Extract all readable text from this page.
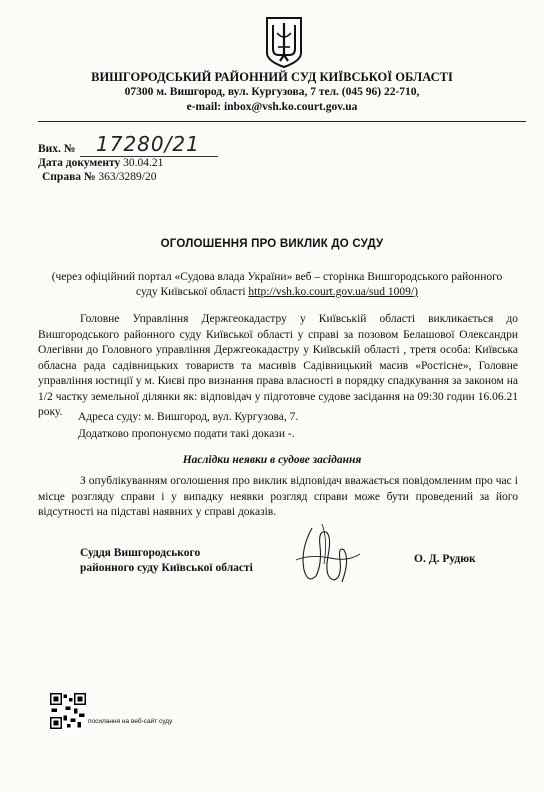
ВИШГОРОДСЬКИЙ РАЙОННИЙ СУД КИЇВСЬКОЇ ОБЛАСТІ
07300 м. Вишгород, вул. Кургузова, 7 тел. (045 96) 22-710,
e-mail: inbox@vsh.ko.court.gov.ua
Вих. № 17280/21
Дата документу 30.04.21
Справа № 363/3289/20
ОГОЛОШЕННЯ ПРО ВИКЛИК ДО СУДУ
(через офіційний портал «Судова влада України» веб – сторінка Вишгородського районного суду Київської області http://vsh.ko.court.gov.ua/sud 1009/)
Головне Управління Держгеокадастру у Київській області викликається до Вишгородського районного суду Київської області у справі за позовом Белашової Олександри Олегівни до Головного управління Держгеокадастру у Київській області , третя особа: Київська обласна рада садівницьких товариств та масивів Садівницький масив «Ростісне», Головне управління юстиції у м. Києві про визнання права власності в порядку спадкування за законом на 1/2 частку земельної ділянки як: відповідач у підготовче судове засідання на 09:30 годин 16.06.21 року.	Адреса суду: м. Вишгород, вул. Кургузова, 7.
Додатково пропонуємо подати такі докази -.
Наслідки неявки в судове засідання
З опублікуванням оголошення про виклик відповідач вважається повідомленим про час і місце розгляду справи і у випадку неявки розгляд справи може бути проведений за його відсутності на підставі наявних у справі доказів.
Суддя Вишгородського
районного суду Київської області
О. Д. Рудюк
посилання на веб-сайт суду
